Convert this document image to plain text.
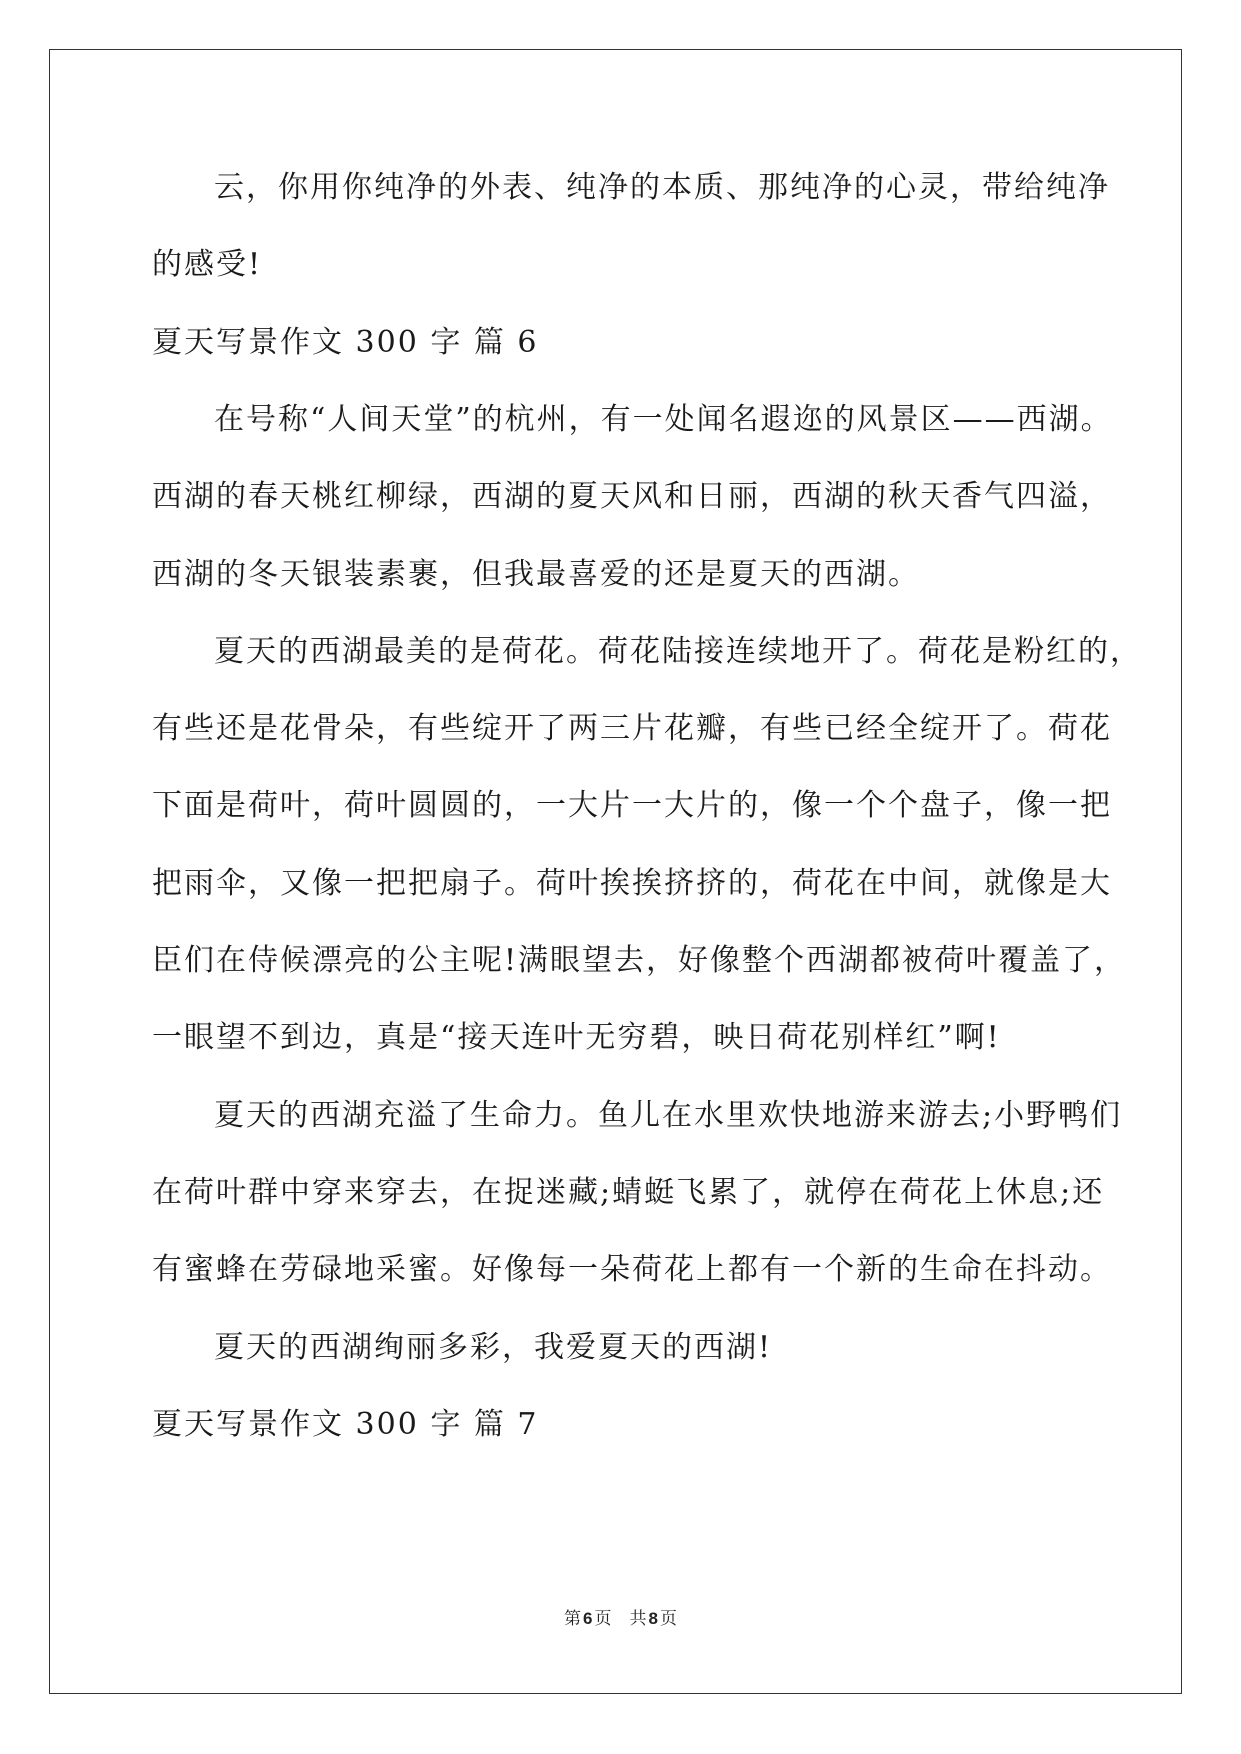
云，你用你纯净的外表、纯净的本质、那纯净的心灵，带给纯净
的感受!
夏天写景作文 300 字 篇 6
在号称“人间天堂”的杭州，有一处闻名遐迩的风景区——西湖。
西湖的春天桃红柳绿，西湖的夏天风和日丽，西湖的秋天香气四溢，
西湖的冬天银装素裹，但我最喜爱的还是夏天的西湖。
夏天的西湖最美的是荷花。荷花陆接连续地开了。荷花是粉红的，
有些还是花骨朵，有些绽开了两三片花瓣，有些已经全绽开了。荷花
下面是荷叶，荷叶圆圆的，一大片一大片的，像一个个盘子，像一把
把雨伞，又像一把把扇子。荷叶挨挨挤挤的，荷花在中间，就像是大
臣们在侍候漂亮的公主呢!满眼望去，好像整个西湖都被荷叶覆盖了，
一眼望不到边，真是“接天连叶无穷碧，映日荷花别样红”啊!
夏天的西湖充溢了生命力。鱼儿在水里欢快地游来游去;小野鸭们
在荷叶群中穿来穿去，在捉迷藏;蜻蜓飞累了，就停在荷花上休息;还
有蜜蜂在劳碌地采蜜。好像每一朵荷花上都有一个新的生命在抖动。
夏天的西湖绚丽多彩，我爱夏天的西湖!
夏天写景作文 300 字 篇 7
第 6 页 共 8 页
